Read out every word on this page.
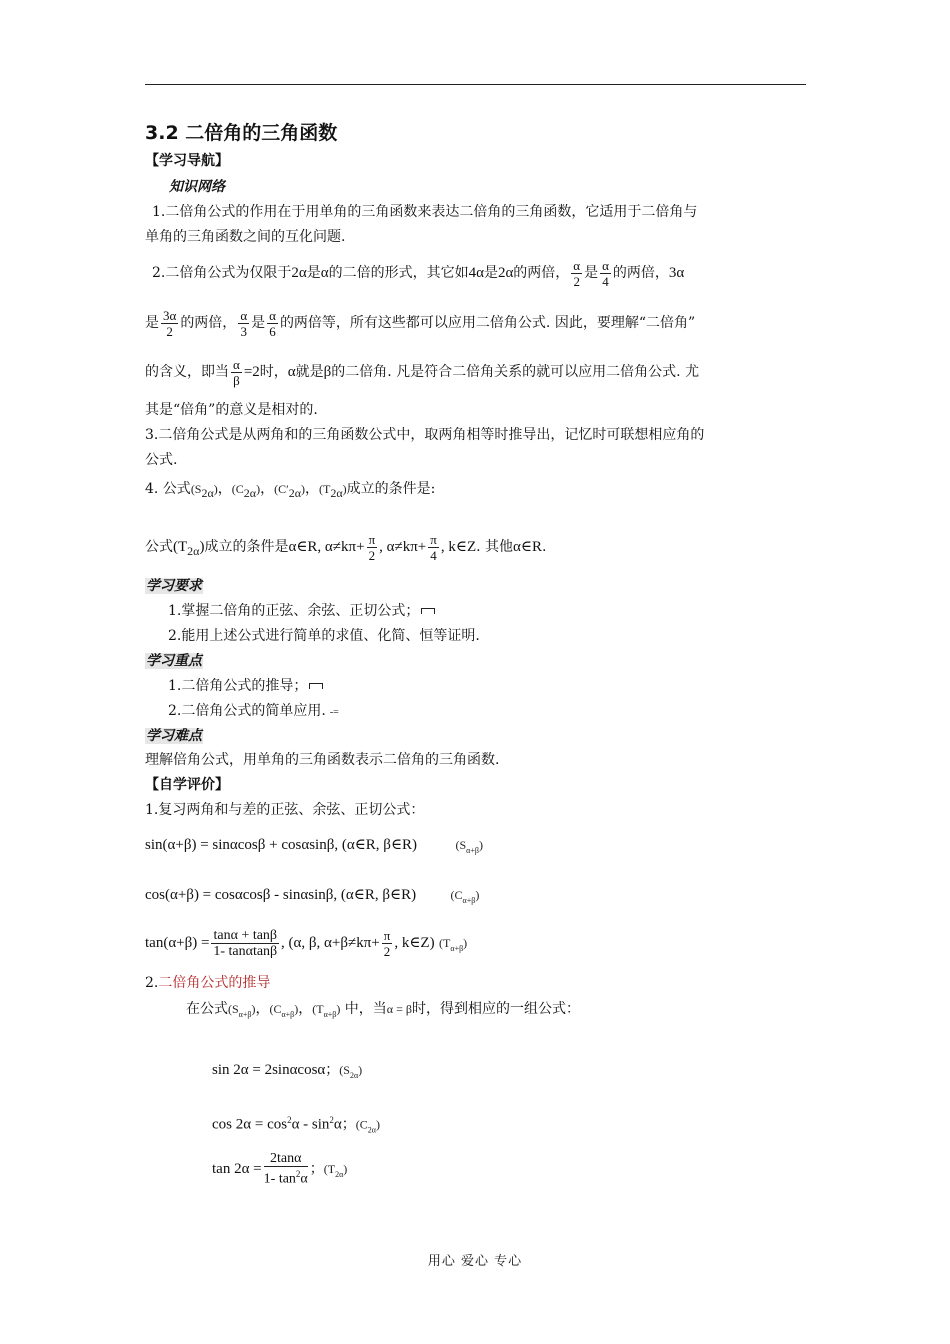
3.2 二倍角的三角函数
【学习导航】
知识网络
1.二倍角公式的作用在于用单角的三角函数来表达二倍角的三角函数，它适用于二倍角与
单角的三角函数之间的互化问题.
2.二倍角公式为仅限于2α是α的二倍的形式，其它如4α是2α的两倍， $\frac{\alpha}{2}$ 是 $\frac{\alpha}{4}$ 的两倍，3α
是 $\frac{3\alpha}{2}$ 的两倍， $\frac{\alpha}{3}$ 是 $\frac{\alpha}{6}$ 的两倍等，所有这些都可以应用二倍角公式. 因此，要理解“二倍角”
的含义，即当 $\frac{\alpha}{\beta} =2$时，α就是β的二倍角. 凡是符合二倍角关系的就可以应用二倍角公式. 尤
其是“倍角”的意义是相对的.
3.二倍角公式是从两角和的三角函数公式中，取两角相等时推导出，记忆时可联想相应角的
公式.
4. 公式$(S_{2\alpha})$，$(C_{2\alpha})$，$(C'_{2\alpha})$，$(T_{2\alpha})$成立的条件是:
公式$(T_{2\alpha})$成立的条件是α∈R, $\alpha\ne k\pi+ \frac{\pi}{2}$ , $\alpha\ne k\pi+ \frac{\pi}{4}$ , k∈Z. 其他α∈R.
学习要求
1.掌握二倍角的正弦、余弦、正切公式；
2.能用上述公式进行简单的求值、化简、恒等证明.
学习重点
1.二倍角公式的推导；
2.二倍角公式的简单应用. -=
学习难点
理解倍角公式，用单角的三角函数表示二倍角的三角函数.
【自学评价】
1.复习两角和与差的正弦、余弦、正切公式：
sin(α+β) = sinαcosβ + cosαsinβ, (α∈R, β∈R)	$(S_{\alpha+\beta})$
cos(α+β) = cosαcosβ - sinαsinβ, (α∈R, β∈R)	$(C_{\alpha+\beta})$
$\tan(\alpha+\beta) = \frac{\tan\alpha + \tan\beta}{1- \tan\alpha\tan\beta}$ , (α, β, $\alpha+\beta\ne k\pi+ \frac{\pi}{2}$ , k∈Z) $(T_{\alpha+\beta})$
2.二倍角公式的推导
在公式$(S_{\alpha+\beta})$，$(C_{\alpha+\beta})$，$(T_{\alpha+\beta})$ 中，当α = β时，得到相应的一组公式：
sin 2α = 2sinαcosα；$(S_{2\alpha})$
$\cos 2\alpha = \cos^2\alpha - \sin^2\alpha$；$(C_{2\alpha})$
$\tan 2\alpha = \frac{2\tan\alpha}{1- \tan^2\alpha}$ ；$(T_{2\alpha})$
用心 爱心 专心
